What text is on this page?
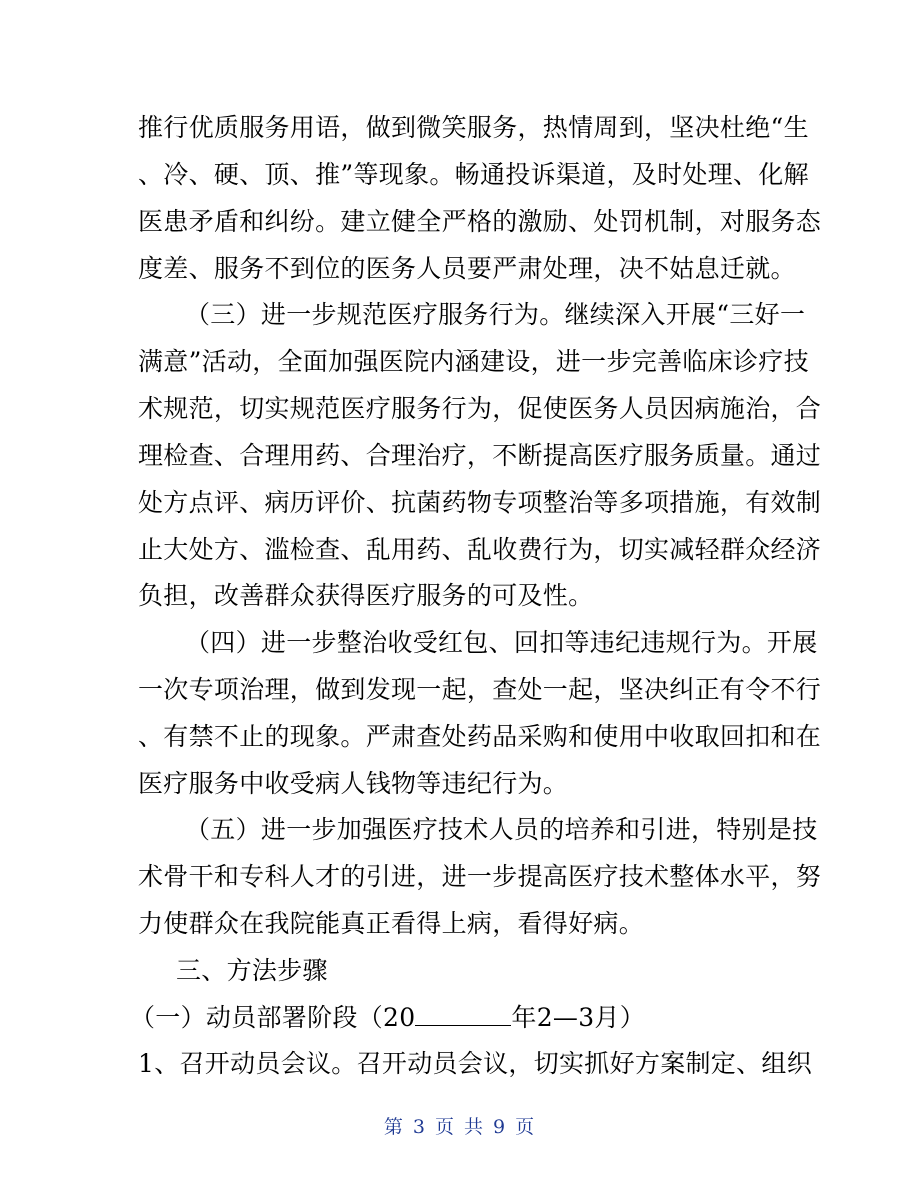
推行优质服务用语，做到微笑服务，热情周到，坚决杜绝“生
、冷、硬、顶、推”等现象。畅通投诉渠道，及时处理、化解
医患矛盾和纠纷。建立健全严格的激励、处罚机制，对服务态
度差、服务不到位的医务人员要严肃处理，决不姑息迁就。
（三）进一步规范医疗服务行为。继续深入开展“三好一
满意”活动，全面加强医院内涵建设，进一步完善临床诊疗技
术规范，切实规范医疗服务行为，促使医务人员因病施治，合
理检查、合理用药、合理治疗，不断提高医疗服务质量。通过
处方点评、病历评价、抗菌药物专项整治等多项措施，有效制
止大处方、滥检查、乱用药、乱收费行为，切实减轻群众经济
负担，改善群众获得医疗服务的可及性。
（四）进一步整治收受红包、回扣等违纪违规行为。开展
一次专项治理，做到发现一起，查处一起，坚决纠正有令不行
、有禁不止的现象。严肃查处药品采购和使用中收取回扣和在
医疗服务中收受病人钱物等违纪行为。
（五）进一步加强医疗技术人员的培养和引进，特别是技
术骨干和专科人才的引进，进一步提高医疗技术整体水平，努
力使群众在我院能真正看得上病，看得好病。
三、方法步骤
（一）动员部署阶段（20	年2—3月）
1、召开动员会议。召开动员会议，切实抓好方案制定、组织
第 3 页 共 9 页
